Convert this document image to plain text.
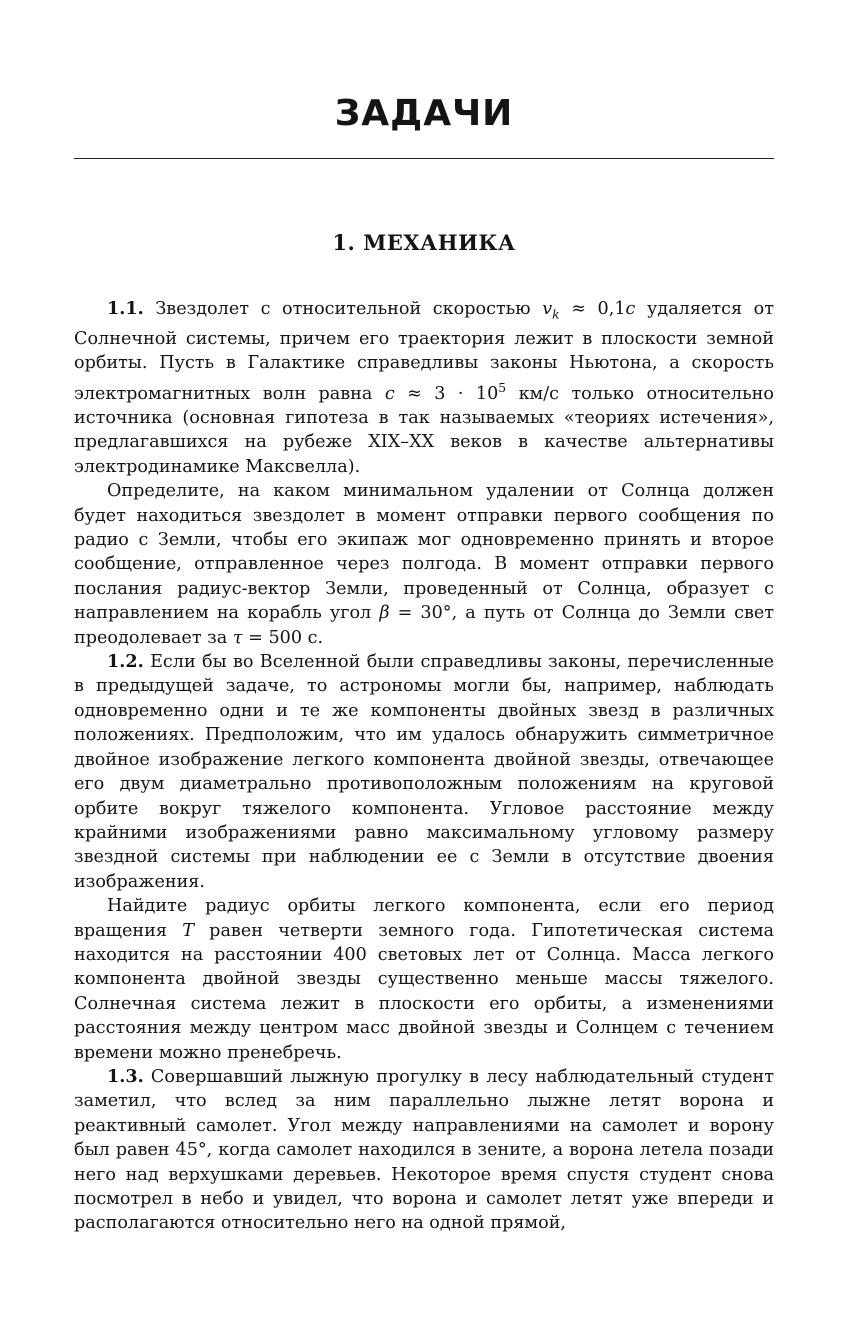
ЗАДАЧИ
1. МЕХАНИКА

1.1. Звездолет с относительной скоростью $v_k \approx 0,1c$ удаляется от Солнечной системы, причем его траектория лежит в плоскости земной орбиты. Пусть в Галактике справедливы законы Ньютона, а скорость электромагнитных волн равна $c \approx 3 \cdot 10^5$ км/с только относительно источника (основная гипотеза в так называемых «теориях истечения», предлагавшихся на рубеже XIX–XX веков в качестве альтернативы электродинамике Максвелла).

Определите, на каком минимальном удалении от Солнца должен будет находиться звездолет в момент отправки первого сообщения по радио с Земли, чтобы его экипаж мог одновременно принять и второе сообщение, отправленное через полгода. В момент отправки первого послания радиус-вектор Земли, проведенный от Солнца, образует с направлением на корабль угол β = 30°, а путь от Солнца до Земли свет преодолевает за τ = 500 с.

1.2. Если бы во Вселенной были справедливы законы, перечисленные в предыдущей задаче, то астрономы могли бы, например, наблюдать одновременно одни и те же компоненты двойных звезд в различных положениях. Предположим, что им удалось обнаружить симметричное двойное изображение легкого компонента двойной звезды, отвечающее его двум диаметрально противоположным положениям на круговой орбите вокруг тяжелого компонента. Угловое расстояние между крайними изображениями равно максимальному угловому размеру звездной системы при наблюдении ее с Земли в отсутствие двоения изображения.

Найдите радиус орбиты легкого компонента, если его период вращения T равен четверти земного года. Гипотетическая система находится на расстоянии 400 световых лет от Солнца. Масса легкого компонента двойной звезды существенно меньше массы тяжелого. Солнечная система лежит в плоскости его орбиты, а изменениями расстояния между центром масс двойной звезды и Солнцем с течением времени можно пренебречь.

1.3. Совершавший лыжную прогулку в лесу наблюдательный студент заметил, что вслед за ним параллельно лыжне летят ворона и реактивный самолет. Угол между направлениями на самолет и ворону был равен 45°, когда самолет находился в зените, а ворона летела позади него над верхушками деревьев. Некоторое время спустя студент снова посмотрел в небо и увидел, что ворона и самолет летят уже впереди и располагаются относительно него на одной прямой,
